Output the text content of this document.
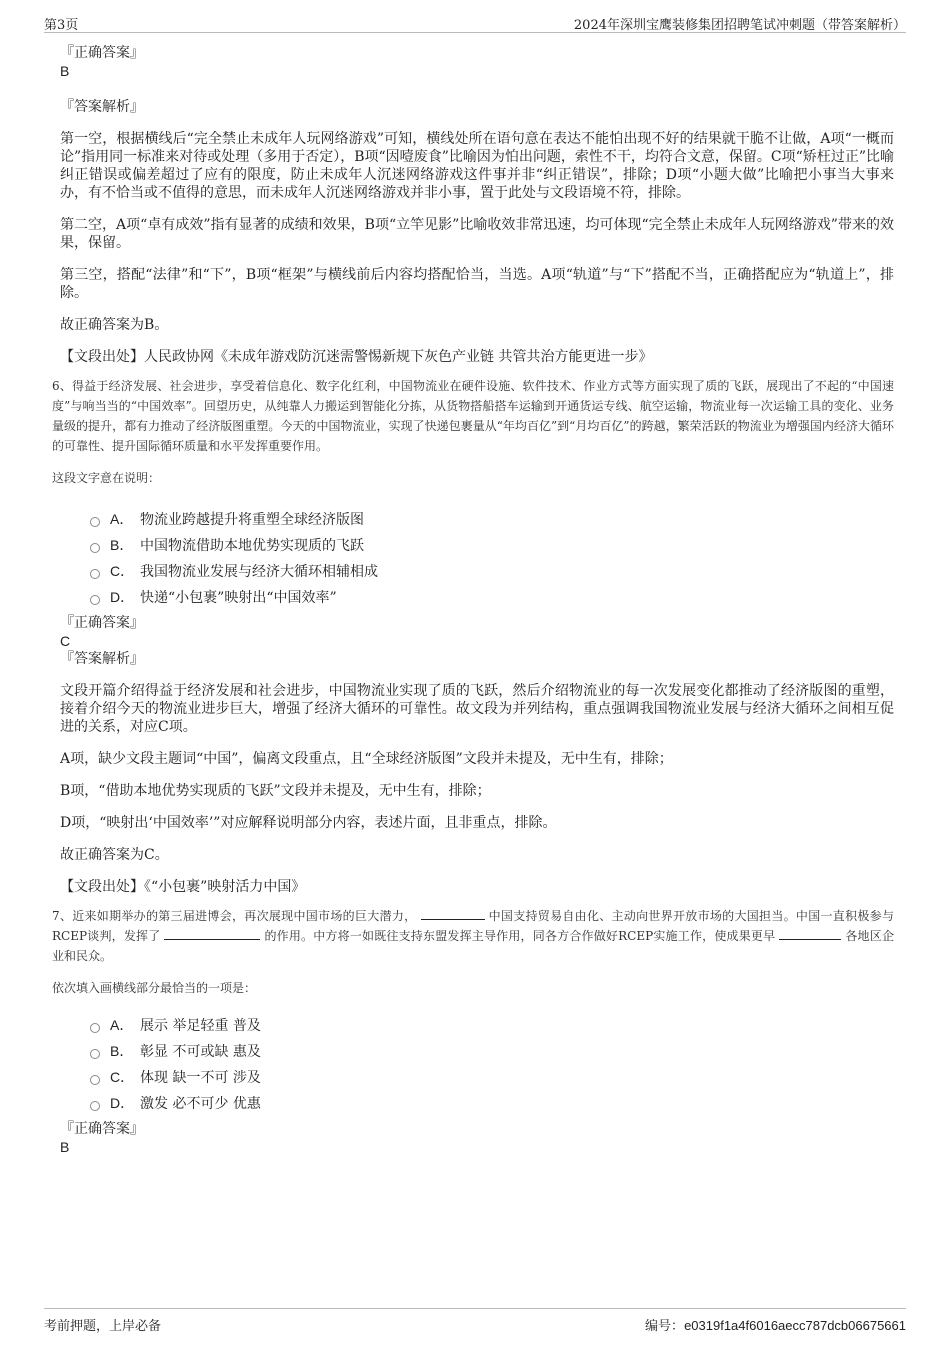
第3页	2024年深圳宝鹰装修集团招聘笔试冲刺题（带答案解析）

『正确答案』

B

『答案解析』

第一空，根据横线后“完全禁止未成年人玩网络游戏”可知，横线处所在语句意在表达不能怕出现不好的结果就干脆不让做，A项“一概而论”指用同一标准来对待或处理（多用于否定），B项“因噎废食”比喻因为怕出问题，索性不干，均符合文意，保留。C项“矫枉过正”比喻纠正错误或偏差超过了应有的限度，防止未成年人沉迷网络游戏这件事并非“纠正错误”，排除；D项“小题大做”比喻把小事当大事来办，有不恰当或不值得的意思，而未成年人沉迷网络游戏并非小事，置于此处与文段语境不符，排除。

第二空，A项“卓有成效”指有显著的成绩和效果，B项“立竿见影”比喻收效非常迅速，均可体现“完全禁止未成年人玩网络游戏”带来的效果，保留。

第三空，搭配“法律”和“下”，B项“框架”与横线前后内容均搭配恰当，当选。A项“轨道”与“下”搭配不当，正确搭配应为“轨道上”，排除。

故正确答案为B。

【文段出处】人民政协网《未成年游戏防沉迷需警惕新规下灰色产业链 共管共治方能更进一步》

6、得益于经济发展、社会进步，享受着信息化、数字化红利，中国物流业在硬件设施、软件技术、作业方式等方面实现了质的飞跃，展现出了不起的“中国速度”与响当当的“中国效率”。回望历史，从纯靠人力搬运到智能化分拣，从货物搭船搭车运输到开通货运专线、航空运输，物流业每一次运输工具的变化、业务量级的提升，都有力推动了经济版图重塑。今天的中国物流业，实现了快递包裹量从“年均百亿”到“月均百亿”的跨越，繁荣活跃的物流业为增强国内经济大循环的可靠性、提升国际循环质量和水平发挥重要作用。

这段文字意在说明：

A． 物流业跨越提升将重塑全球经济版图
B． 中国物流借助本地优势实现质的飞跃
C． 我国物流业发展与经济大循环相辅相成
D． 快递“小包裹”映射出“中国效率”

『正确答案』

C

『答案解析』

文段开篇介绍得益于经济发展和社会进步，中国物流业实现了质的飞跃，然后介绍物流业的每一次发展变化都推动了经济版图的重塑，接着介绍今天的物流业进步巨大，增强了经济大循环的可靠性。故文段为并列结构，重点强调我国物流业发展与经济大循环之间相互促进的关系，对应C项。

A项，缺少文段主题词“中国”，偏离文段重点，且“全球经济版图”文段并未提及，无中生有，排除；

B项，“借助本地优势实现质的飞跃”文段并未提及，无中生有，排除；

D项，“映射出‘中国效率’”对应解释说明部分内容，表述片面，且非重点，排除。

故正确答案为C。

【文段出处】《“小包裹”映射活力中国》

7、近来如期举办的第三届进博会，再次展现中国市场的巨大潜力，	中国支持贸易自由化、主动向世界开放市场的大国担当。中国一直积极参与RCEP谈判，发挥了	的作用。中方将一如既往支持东盟发挥主导作用，同各方合作做好RCEP实施工作，使成果更早	各地区企业和民众。

依次填入画横线部分最恰当的一项是：

A． 展示 举足轻重 普及
B． 彰显 不可或缺 惠及
C． 体现 缺一不可 涉及
D． 激发 必不可少 优惠

『正确答案』

B

考前押题，上岸必备	编号：e0319f1a4f6016aecc787dcb06675661
